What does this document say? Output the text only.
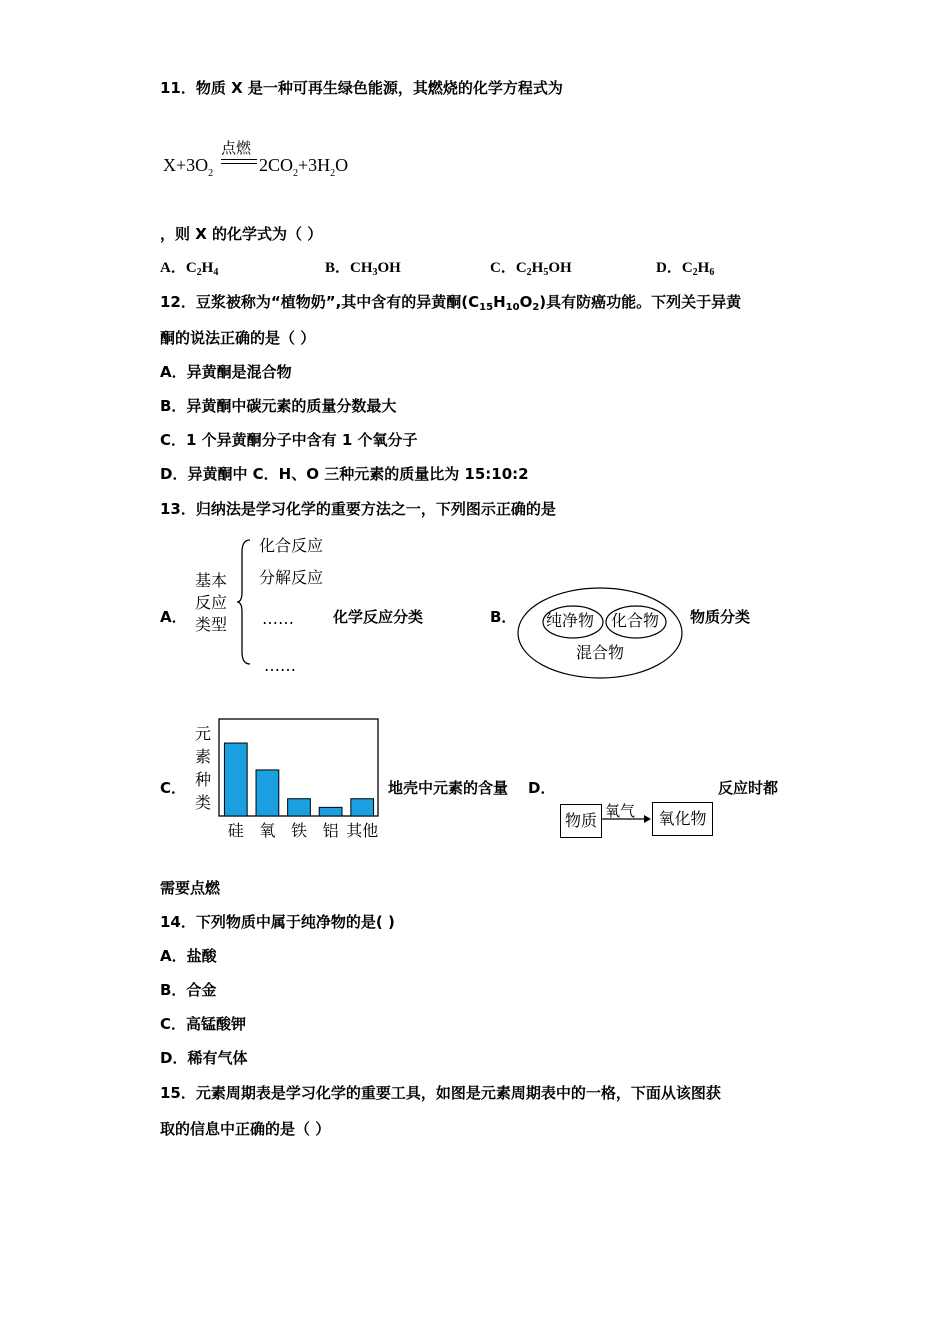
11．物质 X 是一种可再生绿色能源，其燃烧的化学方程式为
点燃
$X+3O_2$	$2CO_2+3H_2O$
，则 X 的化学式为（ ）
A．$C_2H_4$	B．$CH_3OH$	C．$C_2H_5OH$	D．$C_2H_6$
12．豆浆被称为“植物奶”,其中含有的异黄酮$(C_{15}H_{10}O_2)$具有防癌功能。下列关于异黄
酮的说法正确的是（ ）
A．异黄酮是混合物
B．异黄酮中碳元素的质量分数最大
C．1 个异黄酮分子中含有 1 个氧分子
D．异黄酮中 C．H、O 三种元素的质量比为 15:10:2
13．归纳法是学习化学的重要方法之一，下列图示正确的是
A．
基本
反应
类型
化合反应
分解反应
……
……
化学反应分类	B． 纯净物 化合物
混合物
物质分类
C．
元
素
种
类
硅 氧 铁 铝 其他
地壳中元素的含量 D．
物质 氧气	氧化物
反应时都
需要点燃
14．下列物质中属于纯净物的是( )
A．盐酸
B．合金
C．高锰酸钾
D．稀有气体
15．元素周期表是学习化学的重要工具，如图是元素周期表中的一格，下面从该图获
取的信息中正确的是（ ）
